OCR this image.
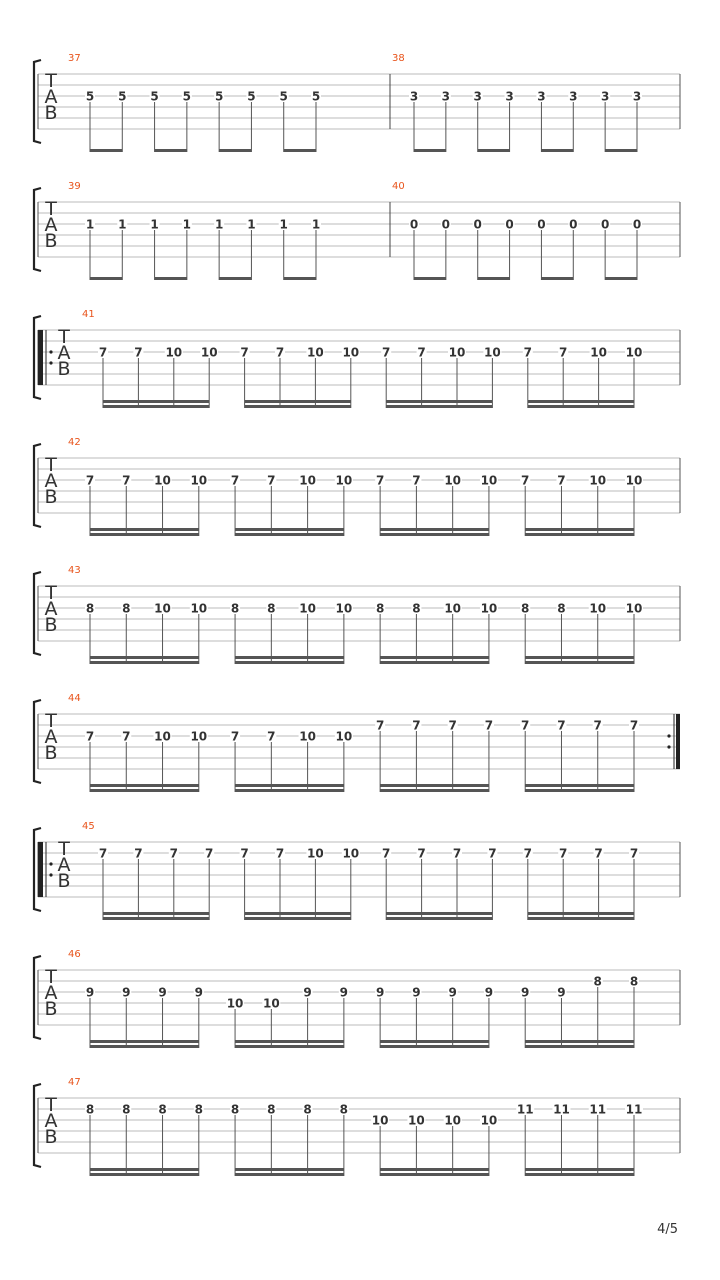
T
A
B
37
5 5 5 5 5 5 5 5
38
3 3 3 3 3 3 3 3
T
A
B
39
1 1 1 1 1 1 1 1
40
0 0 0 0 0 0 0 0
T
A
B
41
7 7 10 10 7 7 10 10 7 7 10 10 7 7 10 10
T
A
B
42
7 7 10 10 7 7 10 10 7 7 10 10 7 7 10 10
T
A
B
43
8 8 10 10 8 8 10 10 8 8 10 10 8 8 10 10
T
A
B
44
7 7 10 10 7 7 10 10
7 7 7 7 7 7 7 7
T
A
B
45
7 7 7 7 7 7 10 10 7 7 7 7 7 7 7 7
T
A
B
46
9 9 9 9
10 10
9 9 9 9 9 9 9 9
8 8
T
A
B
47
8 8 8 8 8 8 8 8
10 10 10 10
11 11 11 11
4/5
